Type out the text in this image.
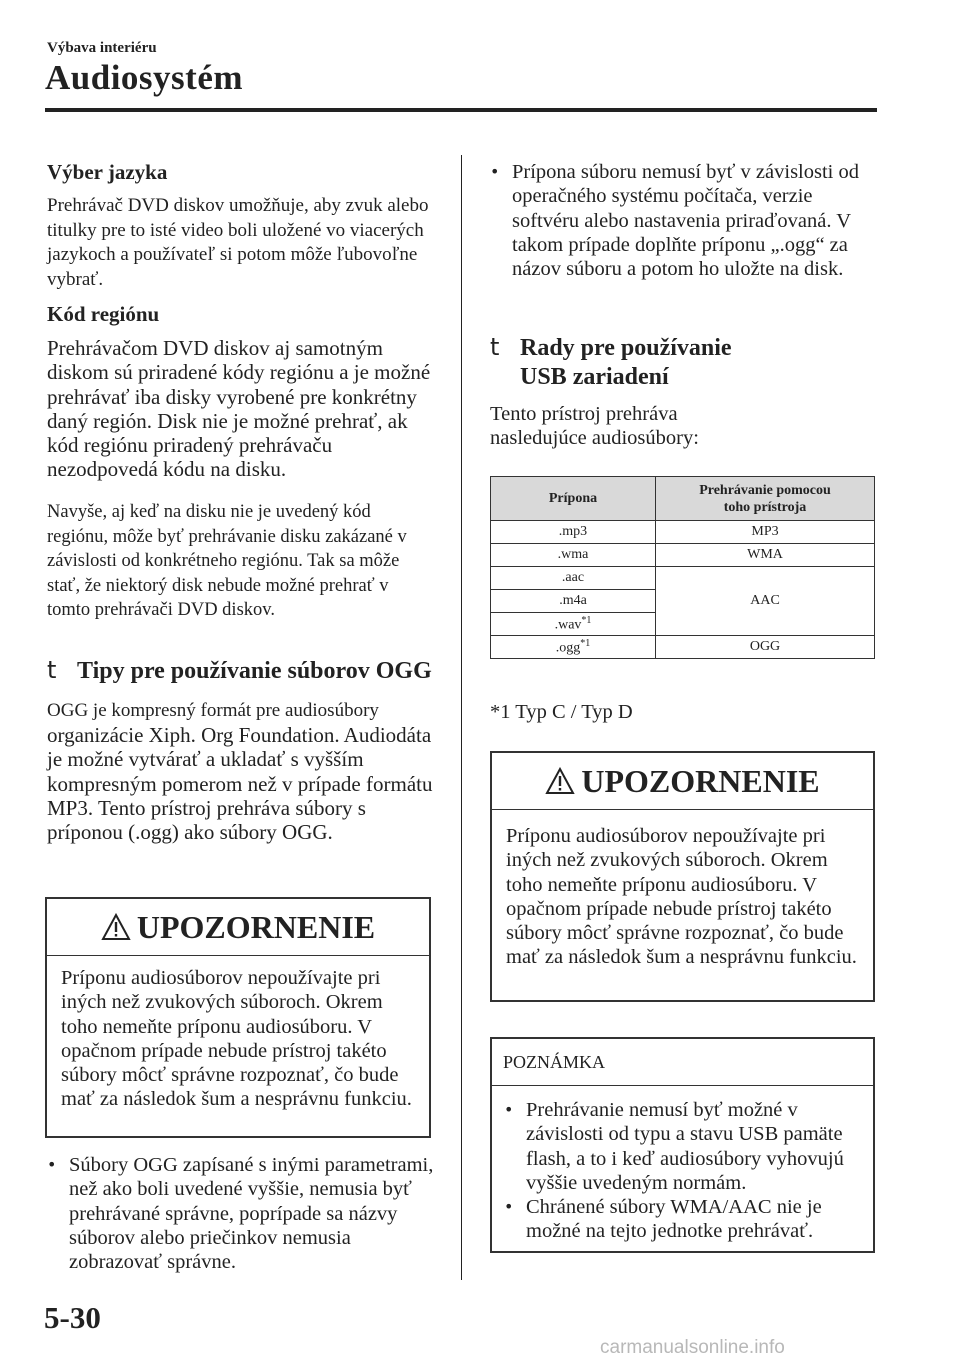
Výbava interiéru
Audiosystém
Výber jazyka

Prehrávač DVD diskov umožňuje, aby zvuk alebo titulky pre to isté video boli uložené vo viacerých jazykoch a používateľ si potom môže ľubovoľne vybrať.

Kód regiónu

Prehrávačom DVD diskov aj samotným diskom sú priradené kódy regiónu a je možné prehrávať iba disky vyrobené pre konkrétny daný región. Disk nie je možné prehrať, ak kód regiónu priradený prehrávaču nezodpovedá kódu na disku.

Navyše, aj keď na disku nie je uvedený kód regiónu, môže byť prehrávanie disku zakázané v závislosti od konkrétneho regiónu. Tak sa môže stať, že niektorý disk nebude možné prehrať v tomto prehrávači DVD diskov.

t Tipy pre používanie súborov OGG

OGG je kompresný formát pre audiosúbory

organizácie Xiph. Org Foundation. Audiodáta je možné vytvárať a ukladať s vyšším kompresným pomerom než v prípade formátu MP3. Tento prístroj prehráva súbory s príponou (.ogg) ako súbory OGG.

UPOZORNENIE
Príponu audiosúborov nepoužívajte pri iných než zvukových súboroch. Okrem toho nemeňte príponu audiosúboru. V opačnom prípade nebude prístroj takéto súbory môcť správne rozpoznať, čo bude mať za následok šum a nesprávnu funkciu.
• Súbory OGG zapísané s inými parametrami, než ako boli uvedené vyššie, nemusia byť prehrávané správne, poprípade sa názvy súborov alebo priečinkov nemusia zobrazovať správne.
• Prípona súboru nemusí byť v závislosti od operačného systému počítača, verzie softvéru alebo nastavenia priraďovaná. V takom prípade doplňte príponu „.ogg“ za názov súboru a potom ho uložte na disk.
t Rady pre používanie
USB zariadení

Tento prístroj prehráva nasledujúce audiosúbory:

Prípona	Prehrávanie pomocou
toho prístroja

.mp3	MP3
.wma	WMA
.aac	AAC
.m4a	
.wav$^{*1}$
.ogg$^{*1}$	OGG

*1 Typ C / Typ D

UPOZORNENIE
Príponu audiosúborov nepoužívajte pri iných než zvukových súboroch. Okrem toho nemeňte príponu audiosúboru. V opačnom prípade nebude prístroj takéto súbory môcť správne rozpoznať, čo bude mať za následok šum a nesprávnu funkciu.
POZNÁMKA
• Prehrávanie nemusí byť možné v závislosti od typu a stavu USB pamäte flash, a to i keď audiosúbory vyhovujú vyššie uvedeným normám.
• Chránené súbory WMA/AAC nie je možné na tejto jednotke prehrávať.
5-30
carmanualsonline.info
